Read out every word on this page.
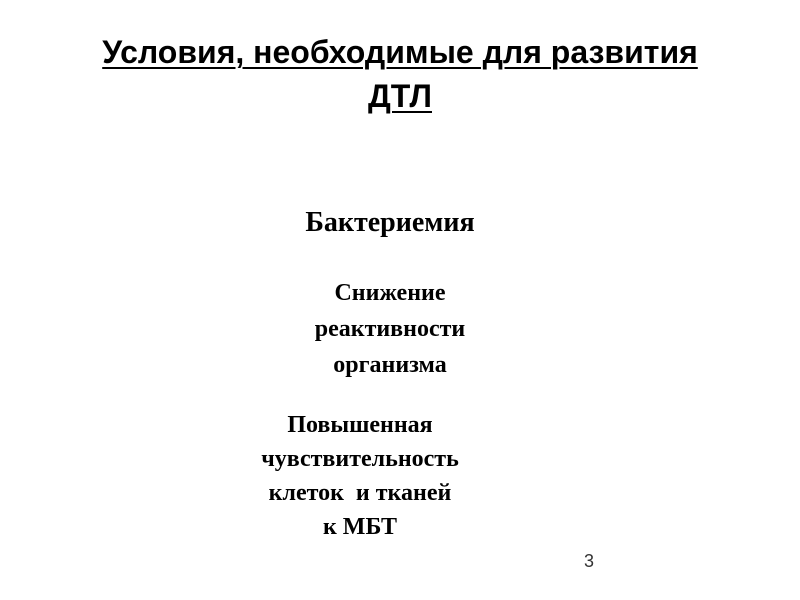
Условия, необходимые для развития
ДТЛ
Бактериемия
Снижение
реактивности
организма
Повышенная
чувствительность
клеток  и тканей
к МБТ
3
